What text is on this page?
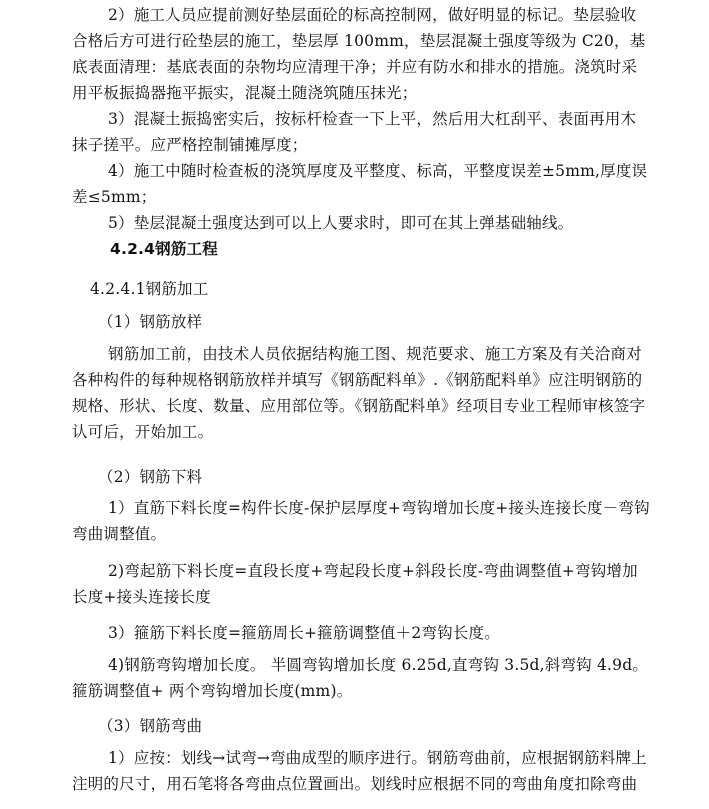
2）施工人员应提前测好垫层面砼的标高控制网，做好明显的标记。垫层验收合格后方可进行砼垫层的施工，垫层厚 100mm，垫层混凝土强度等级为 C20，基底表面清理：基底表面的杂物均应清理干净；并应有防水和排水的措施。浇筑时采用平板振捣器拖平振实，混凝土随浇筑随压抹光；
3）混凝土振捣密实后，按标杆检查一下上平，然后用大杠刮平、表面再用木抹子搓平。应严格控制铺摊厚度；
4）施工中随时检查板的浇筑厚度及平整度、标高，平整度误差±5mm,厚度误差≤5mm；
5）垫层混凝土强度达到可以上人要求时，即可在其上弹基础轴线。
4.2.4钢筋工程
4.2.4.1钢筋加工
（1）钢筋放样
钢筋加工前，由技术人员依据结构施工图、规范要求、施工方案及有关洽商对各种构件的每种规格钢筋放样并填写《钢筋配料单》.《钢筋配料单》应注明钢筋的规格、形状、长度、数量、应用部位等。《钢筋配料单》经项目专业工程师审核签字认可后，开始加工。
（2）钢筋下料
1）直筋下料长度=构件长度-保护层厚度+弯钩增加长度+接头连接长度－弯钩弯曲调整值。
2)弯起筋下料长度=直段长度+弯起段长度+斜段长度-弯曲调整值+弯钩增加长度+接头连接长度
3）箍筋下料长度=箍筋周长+箍筋调整值＋2弯钩长度。
4)钢筋弯钩增加长度。 半圆弯钩增加长度 6.25d,直弯钩 3.5d,斜弯钩 4.9d。箍筋调整值+ 两个弯钩增加长度(mm)。
（3）钢筋弯曲
1）应按：划线→试弯→弯曲成型的顺序进行。钢筋弯曲前，应根据钢筋料牌上注明的尺寸，用石笔将各弯曲点位置画出。划线时应根据不同的弯曲角度扣除弯曲
